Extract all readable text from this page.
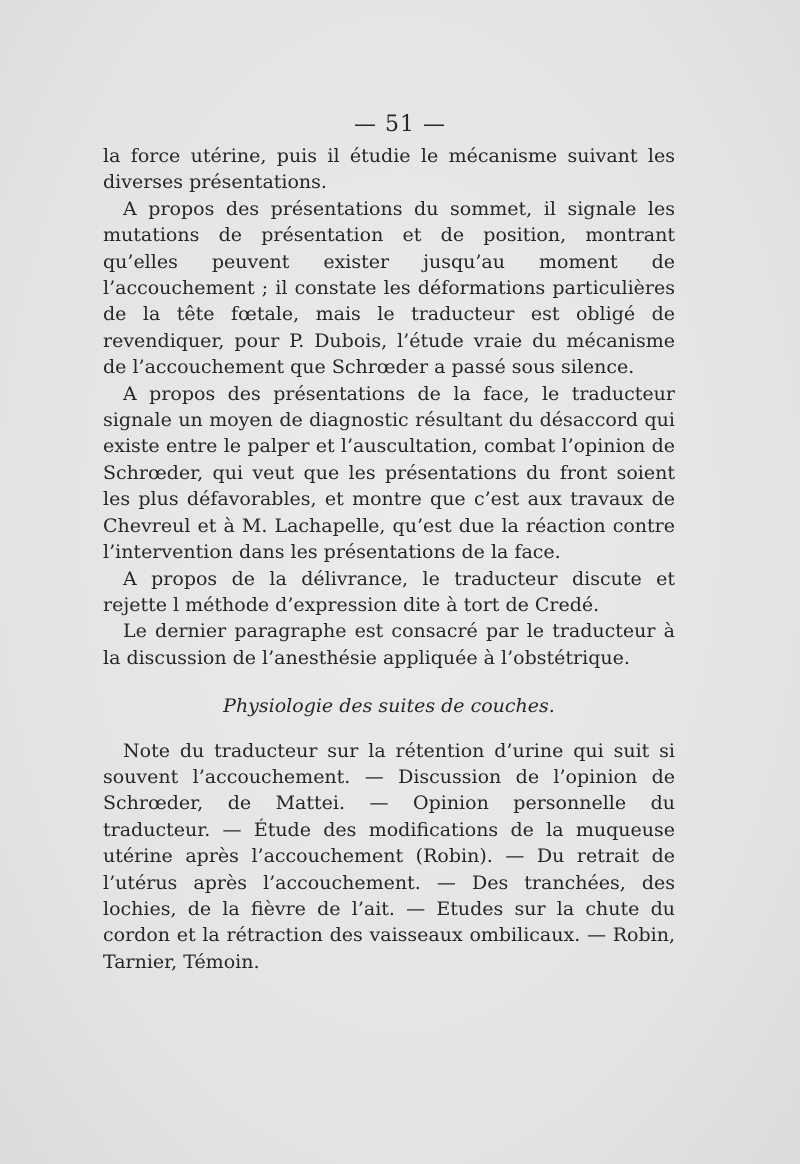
— 51 —

la force utérine, puis il étudie le mécanisme suivant les diverses présentations.

A propos des présentations du sommet, il signale les mutations de présentation et de position, montrant qu’elles peuvent exister jusqu’au moment de l’accouchement ; il constate les déformations particulières de la tête fœtale, mais le traducteur est obligé de revendiquer, pour P. Dubois, l’étude vraie du mécanisme de l’accouchement que Schrœder a passé sous silence.

A propos des présentations de la face, le traducteur signale un moyen de diagnostic résultant du désaccord qui existe entre le palper et l’auscultation, combat l’opinion de Schrœder, qui veut que les présentations du front soient les plus défavorables, et montre que c’est aux travaux de Chevreul et à M. Lachapelle, qu’est due la réaction contre l’intervention dans les présentations de la face.

A propos de la délivrance, le traducteur discute et rejette l méthode d’expression dite à tort de Credé.

Le dernier paragraphe est consacré par le traducteur à la discussion de l’anesthésie appliquée à l’obstétrique.

Physiologie des suites de couches.

Note du traducteur sur la rétention d’urine qui suit si souvent l’accouchement. — Discussion de l’opinion de Schrœder, de Mattei. — Opinion personnelle du traducteur. — Étude des modifications de la muqueuse utérine après l’accouchement (Robin). — Du retrait de l’utérus après l’accouchement. — Des tranchées, des lochies, de la fièvre de l’ait. — Etudes sur la chute du cordon et la rétraction des vaisseaux ombilicaux. — Robin, Tarnier, Témoin.
